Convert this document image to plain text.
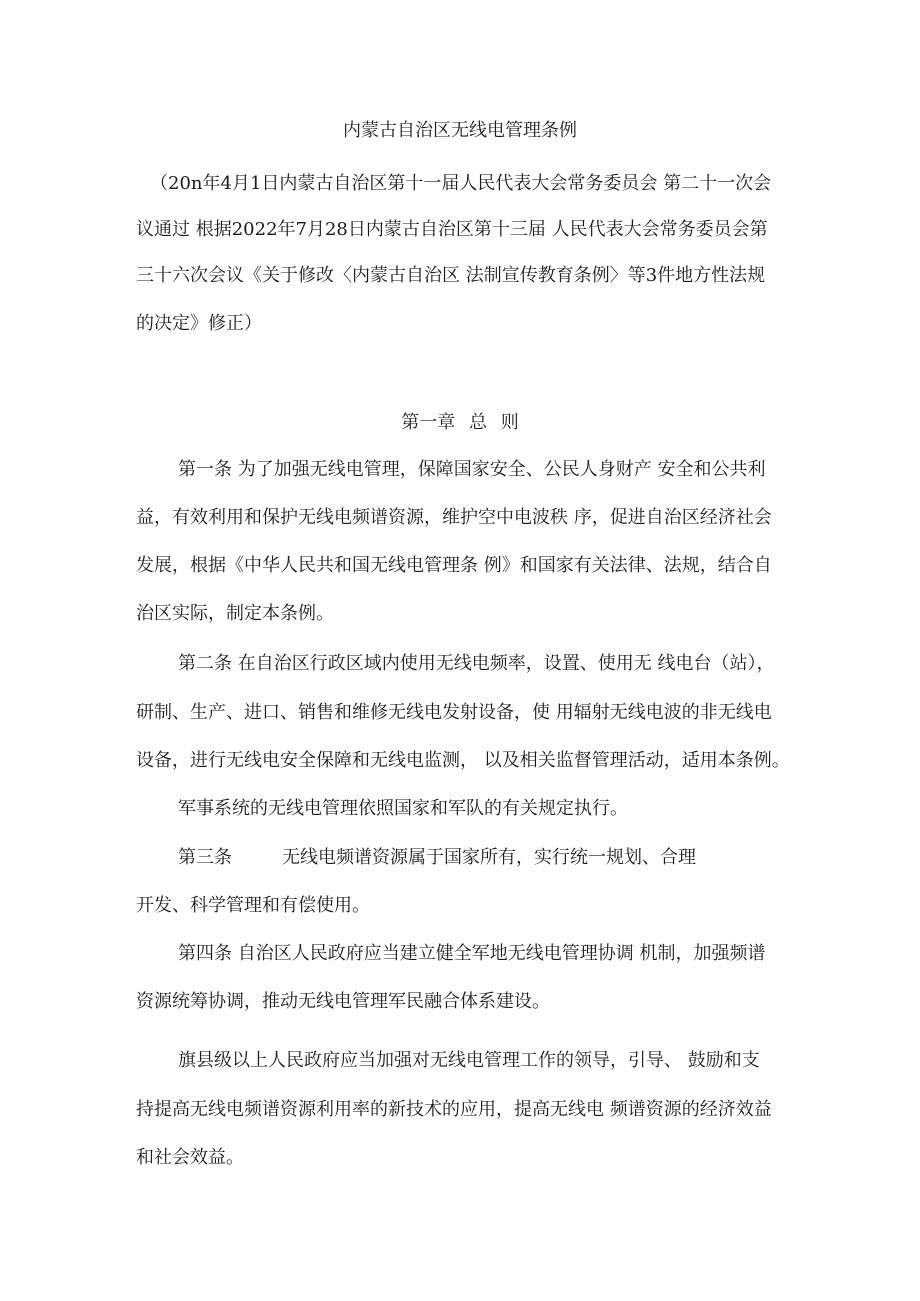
内蒙古自治区无线电管理条例
（20n年4月1日内蒙古自治区第十一届人民代表大会常务委员会 第二十一次会
议通过 根据2022年7月28日内蒙古自治区第十三届 人民代表大会常务委员会第
三十六次会议《关于修改〈内蒙古自治区 法制宣传教育条例〉等3件地方性法规
的决定》修正）
第一章 总 则
第一条 为了加强无线电管理，保障国家安全、公民人身财产 安全和公共利
益，有效利用和保护无线电频谱资源，维护空中电波秩 序，促进自治区经济社会
发展，根据《中华人民共和国无线电管理条 例》和国家有关法律、法规，结合自
治区实际，制定本条例。
第二条 在自治区行政区域内使用无线电频率，设置、使用无 线电台（站），
研制、生产、进口、销售和维修无线电发射设备，使 用辐射无线电波的非无线电
设备，进行无线电安全保障和无线电监测， 以及相关监督管理活动，适用本条例。
军事系统的无线电管理依照国家和军队的有关规定执行。
第三条	无线电频谱资源属于国家所有，实行统一规划、合理
开发、科学管理和有偿使用。
第四条 自治区人民政府应当建立健全军地无线电管理协调 机制，加强频谱
资源统筹协调，推动无线电管理军民融合体系建设。
旗县级以上人民政府应当加强对无线电管理工作的领导，引导、 鼓励和支
持提高无线电频谱资源利用率的新技术的应用，提高无线电 频谱资源的经济效益
和社会效益。
